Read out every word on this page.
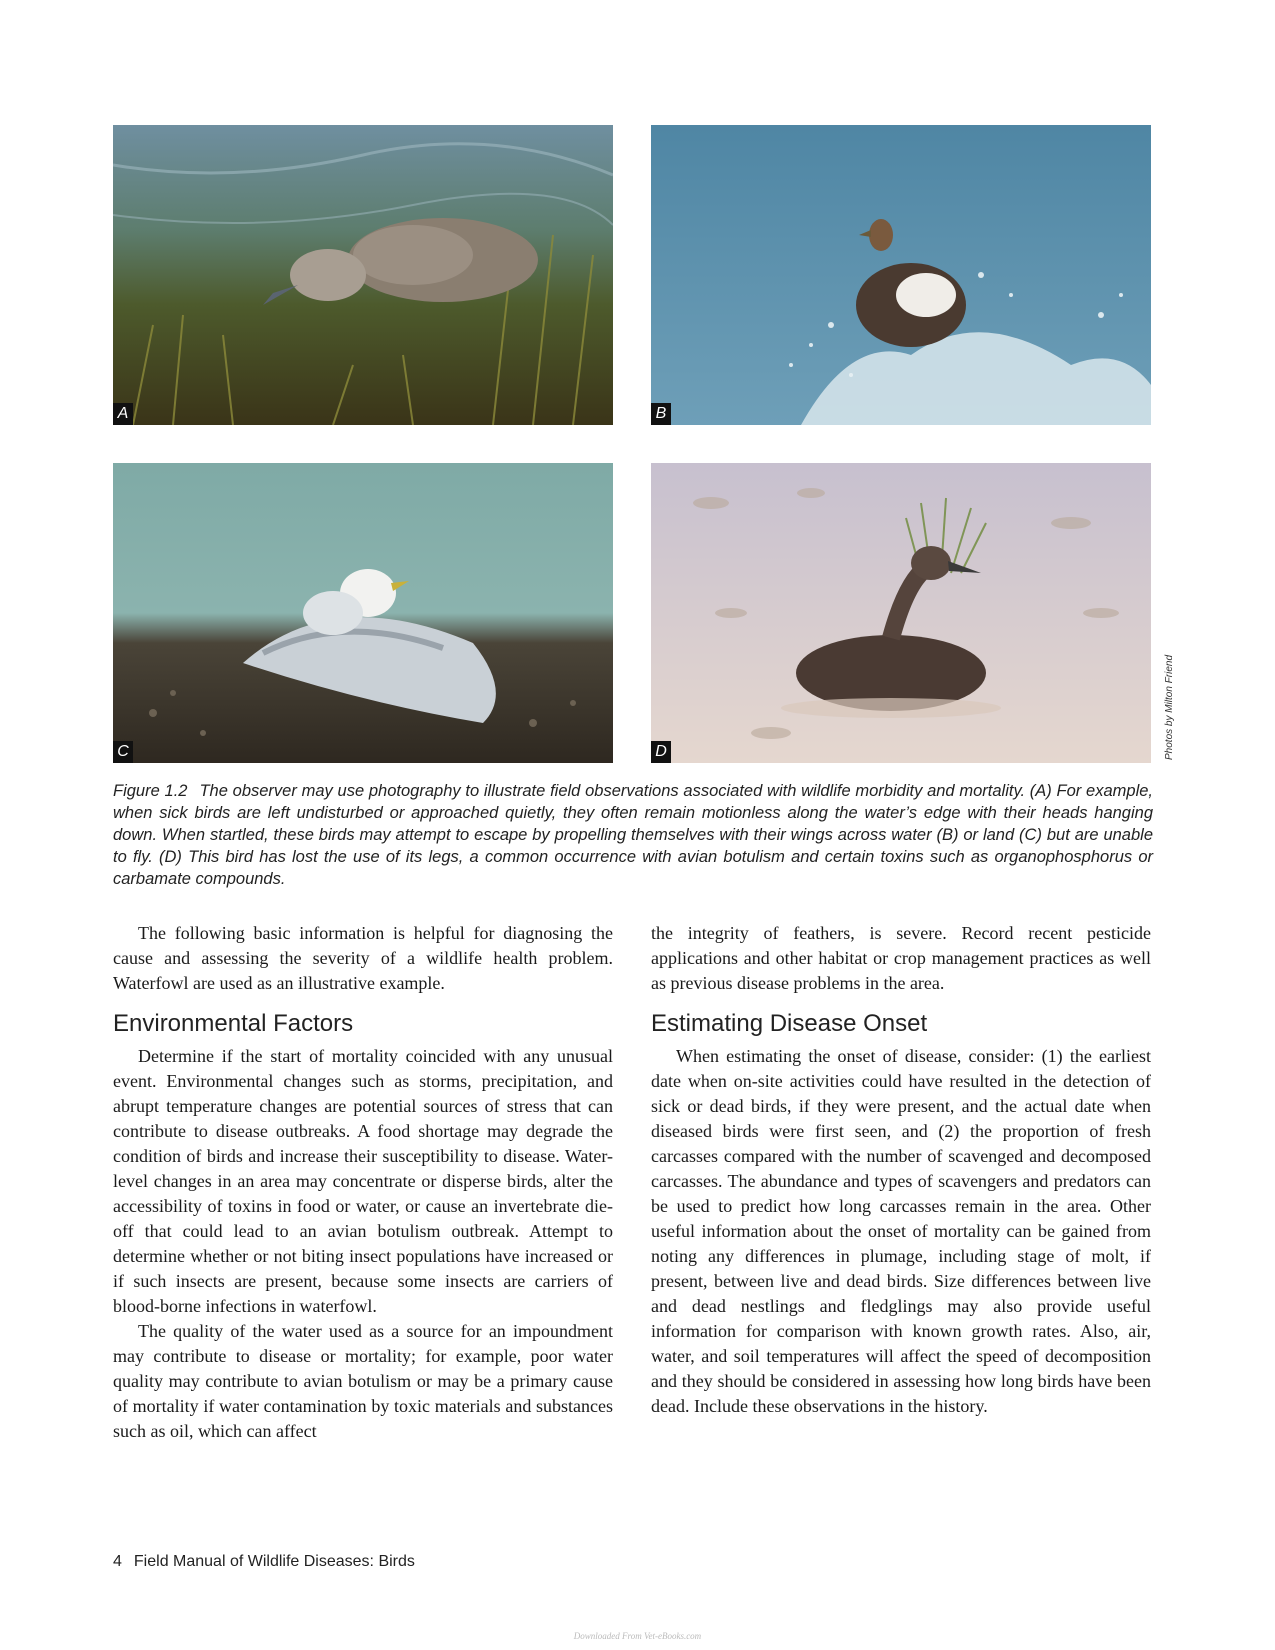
A	B
C	D	Photos by Milton Friend
Figure 1.2 The observer may use photography to illustrate field observations associated with wildlife morbidity and mortality. (A) For example, when sick birds are left undisturbed or approached quietly, they often remain motionless along the water’s edge with their heads hanging down. When startled, these birds may attempt to escape by propelling themselves with their wings across water (B) or land (C) but are unable to fly. (D) This bird has lost the use of its legs, a common occurrence with avian botulism and certain toxins such as organophosphorus or carbamate compounds.

The following basic information is helpful for diagnosing the cause and assessing the severity of a wildlife health problem. Waterfowl are used as an illustrative example.

Environmental Factors

Determine if the start of mortality coincided with any unusual event. Environmental changes such as storms, precipitation, and abrupt temperature changes are potential sources of stress that can contribute to disease outbreaks. A food shortage may degrade the condition of birds and increase their susceptibility to disease. Water-level changes in an area may concentrate or disperse birds, alter the accessibility of toxins in food or water, or cause an invertebrate die-off that could lead to an avian botulism outbreak. Attempt to determine whether or not biting insect populations have increased or if such insects are present, because some insects are carriers of blood-borne infections in waterfowl.

The quality of the water used as a source for an impoundment may contribute to disease or mortality; for example, poor water quality may contribute to avian botulism or may be a primary cause of mortality if water contamination by toxic materials and substances such as oil, which can affect

the integrity of feathers, is severe. Record recent pesticide applications and other habitat or crop management practices as well as previous disease problems in the area.

Estimating Disease Onset

When estimating the onset of disease, consider: (1) the earliest date when on-site activities could have resulted in the detection of sick or dead birds, if they were present, and the actual date when diseased birds were first seen, and (2) the proportion of fresh carcasses compared with the number of scavenged and decomposed carcasses. The abundance and types of scavengers and predators can be used to predict how long carcasses remain in the area. Other useful information about the onset of mortality can be gained from noting any differences in plumage, including stage of molt, if present, between live and dead birds. Size differences between live and dead nestlings and fledglings may also provide useful information for comparison with known growth rates. Also, air, water, and soil temperatures will affect the speed of decomposition and they should be considered in assessing how long birds have been dead. Include these observations in the history.

4 Field Manual of Wildlife Diseases: Birds
Downloaded From Vet-eBooks.com
